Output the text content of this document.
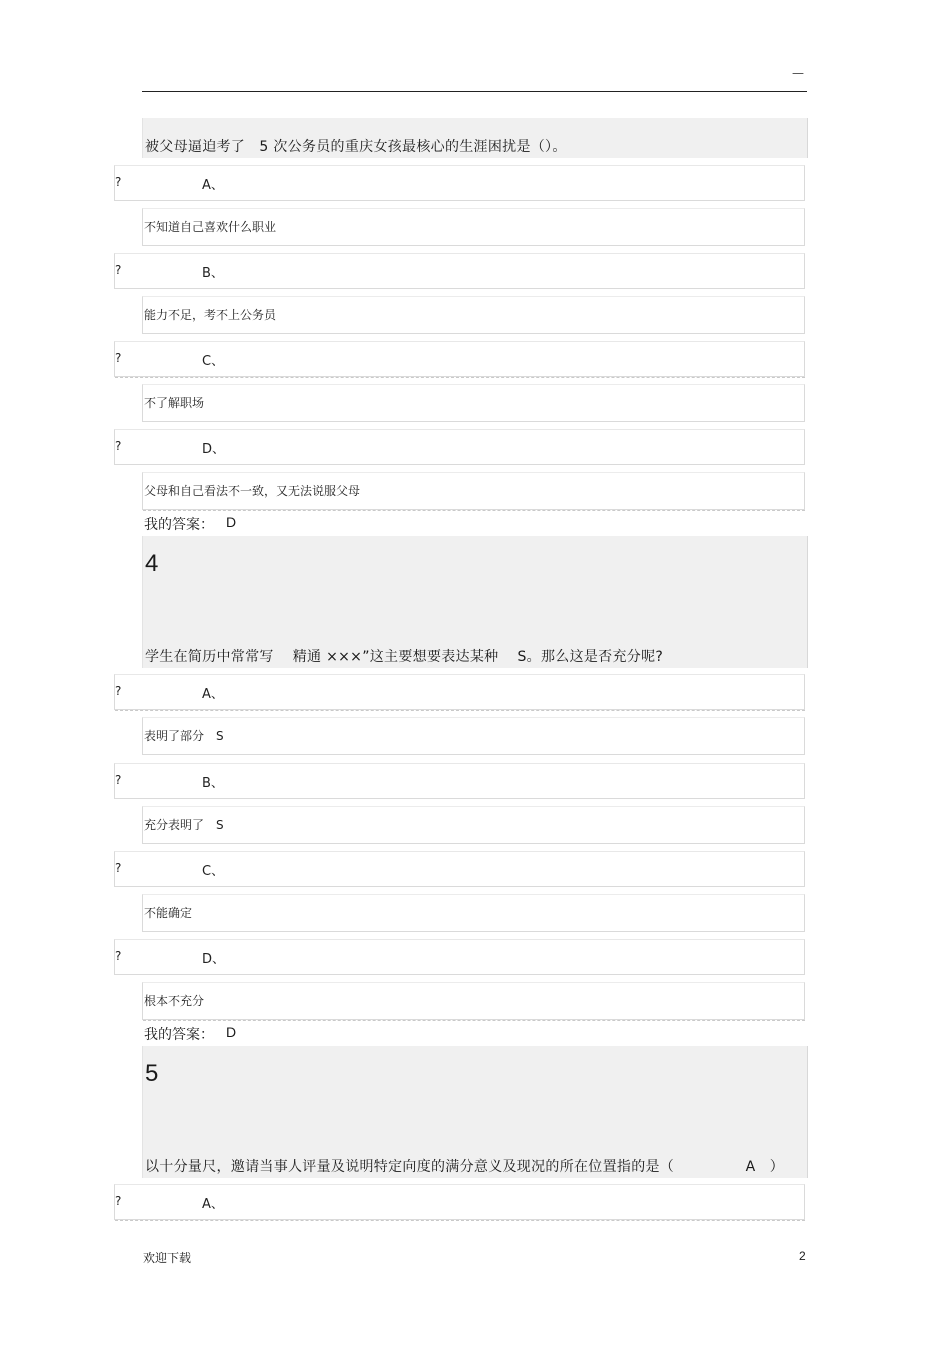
—
被父母逼迫考了　5 次公务员的重庆女孩最核心的生涯困扰是（）。
?	A、
不知道自己喜欢什么职业
?	B、
能力不足，考不上公务员
?	C、
不了解职场
?	D、
父母和自己看法不一致，又无法说服父母
我的答案： D
4
学生在简历中常常写　 精通 ×××”这主要想要表达某种　 S。那么这是否充分呢?
?	A、
表明了部分　S
?	B、
充分表明了　S
?	C、
不能确定
?	D、
根本不充分
我的答案： D
5
以十分量尺，邀请当事人评量及说明特定向度的满分意义及现况的所在位置指的是（　　　　　A　）
?	A、
欢迎下载	2
